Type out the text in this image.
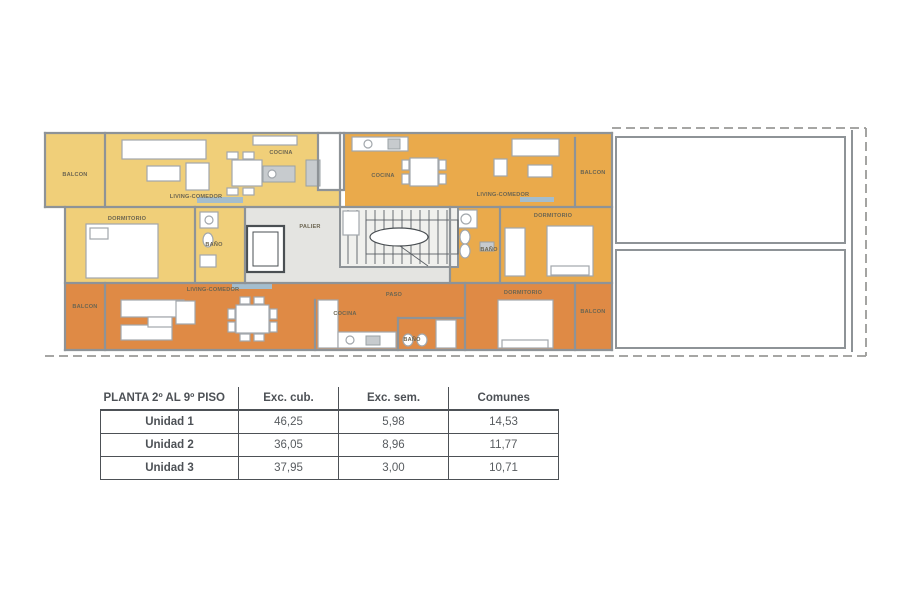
BALCON
COCINA
LIVING-COMEDOR
DORMITORIO
BAÑO
COCINA
LIVING-COMEDOR
BALCON
DORMITORIO
BAÑO
PALIER
BALCON
LIVING-COMEDOR
COCINA
PASO
BAÑO
DORMITORIO
BALCON
PLANTA 2º AL 9º PISO	Exc. cub.	Exc. sem.	Comunes
Unidad 1	46,25	5,98	14,53
Unidad 2	36,05	8,96	11,77
Unidad 3	37,95	3,00	10,71
